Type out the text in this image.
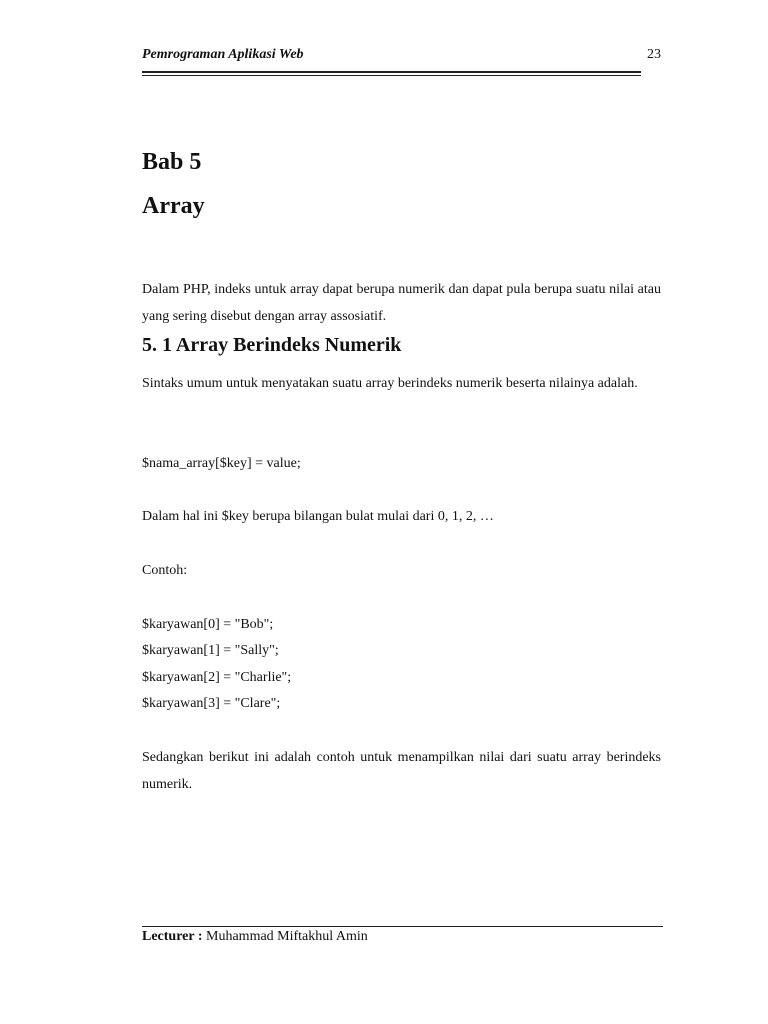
Pemrograman Aplikasi Web	23
Bab 5
Array
Dalam PHP, indeks untuk array dapat berupa numerik dan dapat pula berupa suatu nilai atau yang sering disebut dengan array assosiatif.
5. 1 Array Berindeks Numerik
Sintaks umum untuk menyatakan suatu array berindeks numerik beserta nilainya adalah.
$nama_array[$key] = value;
Dalam hal ini $key berupa bilangan bulat mulai dari 0, 1, 2, …
Contoh:
$karyawan[0] = "Bob";
$karyawan[1] = "Sally";
$karyawan[2] = "Charlie";
$karyawan[3] = "Clare";
Sedangkan berikut ini adalah contoh untuk menampilkan nilai dari suatu array berindeks numerik.
Lecturer : Muhammad Miftakhul Amin
